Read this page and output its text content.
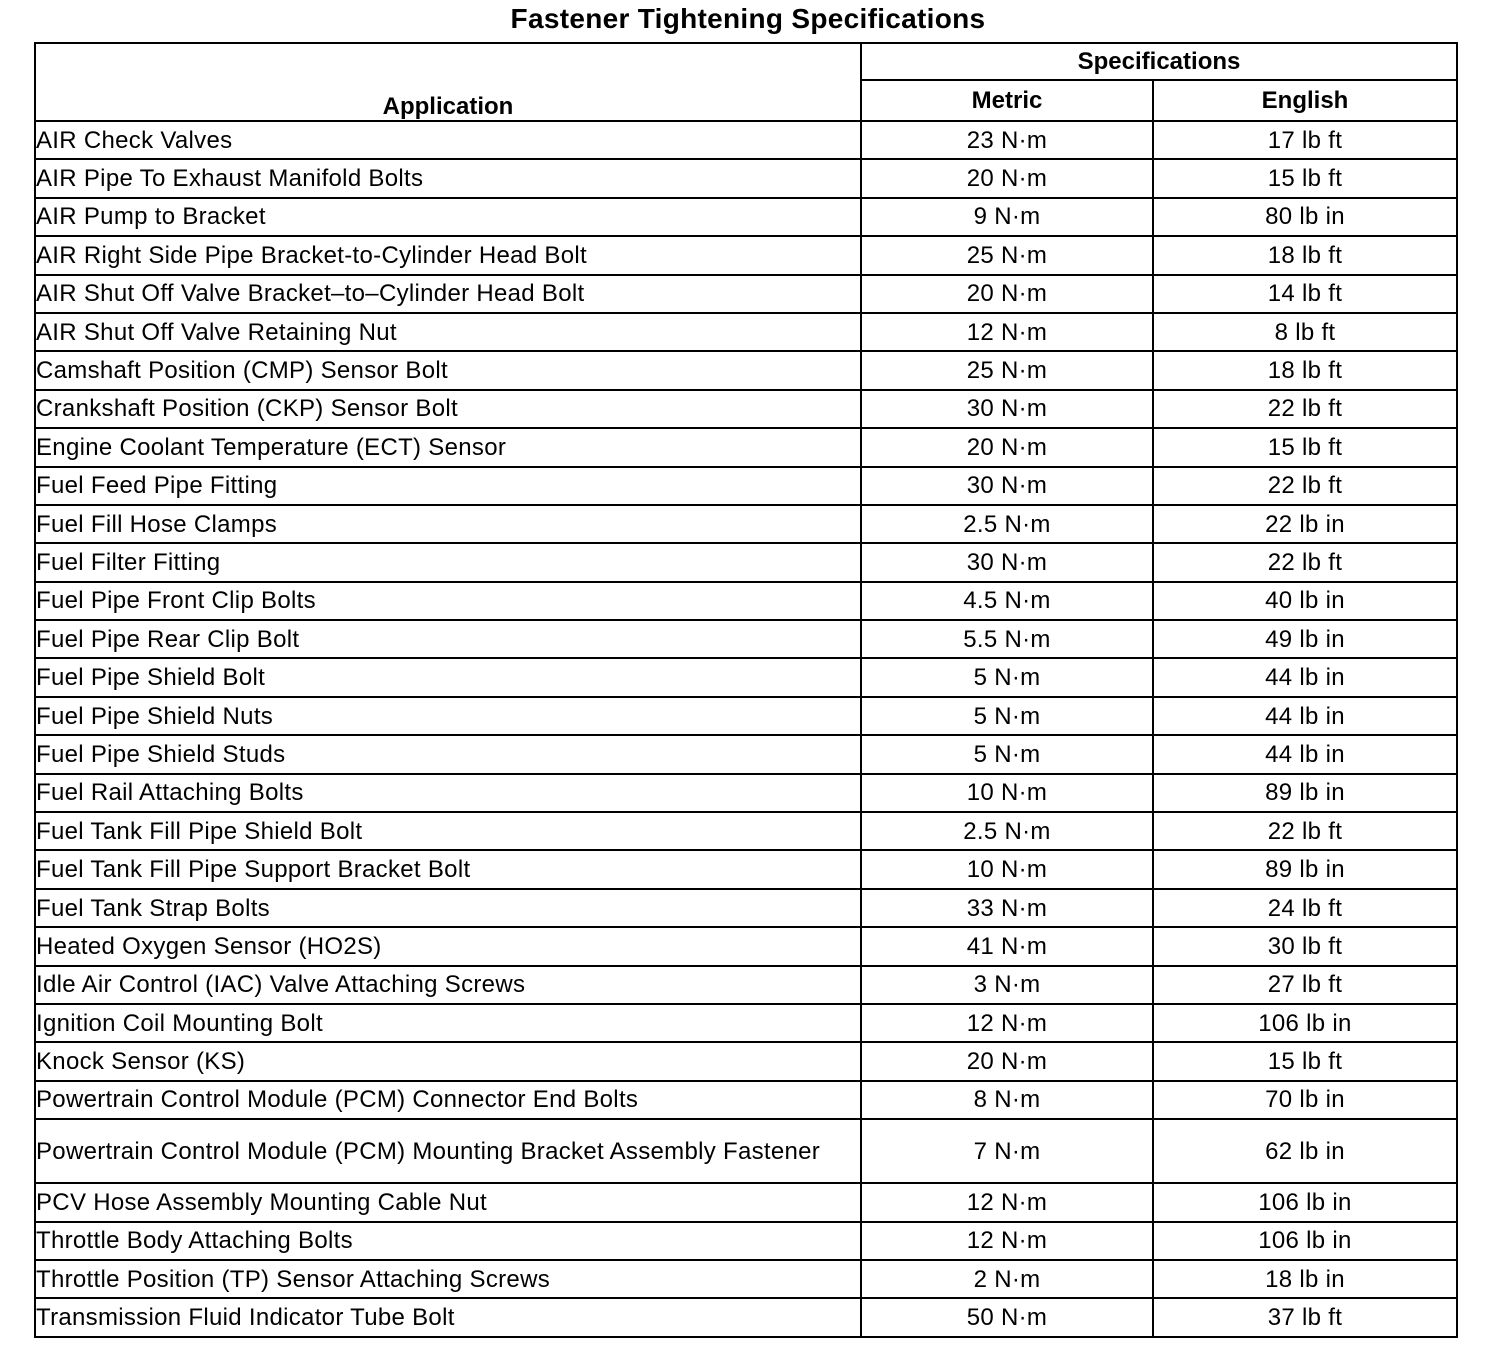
Fastener Tightening Specifications
Application	Specifications	
	Metric	English
AIR Check Valves	23 N·m	17 lb ft
AIR Pipe To Exhaust Manifold Bolts	20 N·m	15 lb ft
AIR Pump to Bracket	9 N·m	80 lb in
AIR Right Side Pipe Bracket-to-Cylinder Head Bolt	25 N·m	18 lb ft
AIR Shut Off Valve Bracket–to–Cylinder Head Bolt	20 N·m	14 lb ft
AIR Shut Off Valve Retaining Nut	12 N·m	8 lb ft
Camshaft Position (CMP) Sensor Bolt	25 N·m	18 lb ft
Crankshaft Position (CKP) Sensor Bolt	30 N·m	22 lb ft
Engine Coolant Temperature (ECT) Sensor	20 N·m	15 lb ft
Fuel Feed Pipe Fitting	30 N·m	22 lb ft
Fuel Fill Hose Clamps	2.5 N·m	22 lb in
Fuel Filter Fitting	30 N·m	22 lb ft
Fuel Pipe Front Clip Bolts	4.5 N·m	40 lb in
Fuel Pipe Rear Clip Bolt	5.5 N·m	49 lb in
Fuel Pipe Shield Bolt	5 N·m	44 lb in
Fuel Pipe Shield Nuts	5 N·m	44 lb in
Fuel Pipe Shield Studs	5 N·m	44 lb in
Fuel Rail Attaching Bolts	10 N·m	89 lb in
Fuel Tank Fill Pipe Shield Bolt	2.5 N·m	22 lb ft
Fuel Tank Fill Pipe Support Bracket Bolt	10 N·m	89 lb in
Fuel Tank Strap Bolts	33 N·m	24 lb ft
Heated Oxygen Sensor (HO2S)	41 N·m	30 lb ft
Idle Air Control (IAC) Valve Attaching Screws	3 N·m	27 lb ft
Ignition Coil Mounting Bolt	12 N·m	106 lb in
Knock Sensor (KS)	20 N·m	15 lb ft
Powertrain Control Module (PCM) Connector End Bolts	8 N·m	70 lb in
Powertrain Control Module (PCM) Mounting Bracket Assembly Fastener	7 N·m	62 lb in
PCV Hose Assembly Mounting Cable Nut	12 N·m	106 lb in
Throttle Body Attaching Bolts	12 N·m	106 lb in
Throttle Position (TP) Sensor Attaching Screws	2 N·m	18 lb in
Transmission Fluid Indicator Tube Bolt	50 N·m	37 lb ft
